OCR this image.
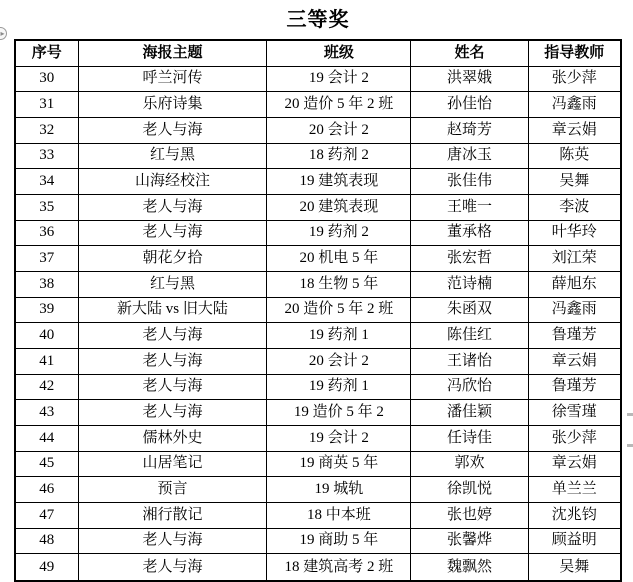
三等奖
序号	海报主题	班级	姓名	指导教师
30	呼兰河传	19 会计 2	洪翠娥	张少萍
31	乐府诗集	20 造价 5 年 2 班	孙佳怡	冯鑫雨
32	老人与海	20 会计 2	赵琦芳	章云娟
33	红与黑	18 药剂 2	唐冰玉	陈英
34	山海经校注	19 建筑表现	张佳伟	吴舞
35	老人与海	20 建筑表现	王唯一	李波
36	老人与海	19 药剂 2	董承格	叶华玲
37	朝花夕拾	20 机电 5 年	张宏哲	刘江荣
38	红与黑	18 生物 5 年	范诗楠	薛旭东
39	新大陆 vs 旧大陆	20 造价 5 年 2 班	朱函双	冯鑫雨
40	老人与海	19 药剂 1	陈佳红	鲁瑾芳
41	老人与海	20 会计 2	王诸怡	章云娟
42	老人与海	19 药剂 1	冯欣怡	鲁瑾芳
43	老人与海	19 造价 5 年 2	潘佳颖	徐雪瑾
44	儒林外史	19 会计 2	任诗佳	张少萍
45	山居笔记	19 商英 5 年	郭欢	章云娟
46	预言	19 城轨	徐凯悦	单兰兰
47	湘行散记	18 中本班	张也婷	沈兆钧
48	老人与海	19 商助 5 年	张馨烨	顾益明
49	老人与海	18 建筑高考 2 班	魏飘然	吴舞
▸
